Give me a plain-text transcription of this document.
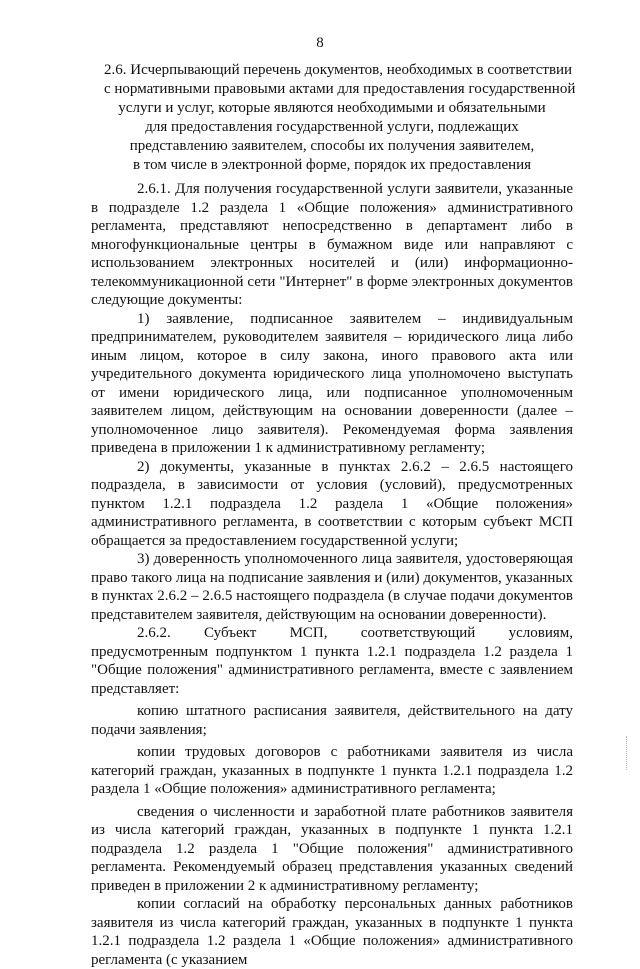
8
2.6. Исчерпывающий перечень документов, необходимых в соответствии
с нормативными правовыми актами для предоставления государственной
услуги и услуг, которые являются необходимыми и обязательными
для предоставления государственной услуги, подлежащих
представлению заявителем, способы их получения заявителем,
в том числе в электронной форме, порядок их предоставления

2.6.1. Для получения государственной услуги заявители, указанные в подразделе 1.2 раздела 1 «Общие положения» административного регламента, представляют непосредственно в департамент либо в многофункциональные центры в бумажном виде или направляют с использованием электронных носителей и (или) информационно-телекоммуникационной сети "Интернет" в форме электронных документов следующие документы:

1) заявление, подписанное заявителем – индивидуальным предпринимателем, руководителем заявителя – юридического лица либо иным лицом, которое в силу закона, иного правового акта или учредительного документа юридического лица уполномочено выступать от имени юридического лица, или подписанное уполномоченным заявителем лицом, действующим на основании доверенности (далее – уполномоченное лицо заявителя). Рекомендуемая форма заявления приведена в приложении 1 к административному регламенту;

2) документы, указанные в пунктах 2.6.2 – 2.6.5 настоящего подраздела, в зависимости от условия (условий), предусмотренных пунктом 1.2.1 подраздела 1.2 раздела 1 «Общие положения» административного регламента, в соответствии с которым субъект МСП обращается за предоставлением государственной услуги;

3) доверенность уполномоченного лица заявителя, удостоверяющая право такого лица на подписание заявления и (или) документов, указанных в пунктах 2.6.2 – 2.6.5 настоящего подраздела (в случае подачи документов представителем заявителя, действующим на основании доверенности).

2.6.2. Субъект МСП, соответствующий условиям, предусмотренным подпунктом 1 пункта 1.2.1 подраздела 1.2 раздела 1 "Общие положения" административного регламента, вместе с заявлением представляет:

копию штатного расписания заявителя, действительного на дату подачи заявления;

копии трудовых договоров с работниками заявителя из числа категорий граждан, указанных в подпункте 1 пункта 1.2.1 подраздела 1.2 раздела 1 «Общие положения» административного регламента;

сведения о численности и заработной плате работников заявителя из числа категорий граждан, указанных в подпункте 1 пункта 1.2.1 подраздела 1.2 раздела 1 "Общие положения" административного регламента. Рекомендуемый образец представления указанных сведений приведен в приложении 2 к административному регламенту;

копии согласий на обработку персональных данных работников заявителя из числа категорий граждан, указанных в подпункте 1 пункта 1.2.1 подраздела 1.2 раздела 1 «Общие положения» административного регламента (с указанием
